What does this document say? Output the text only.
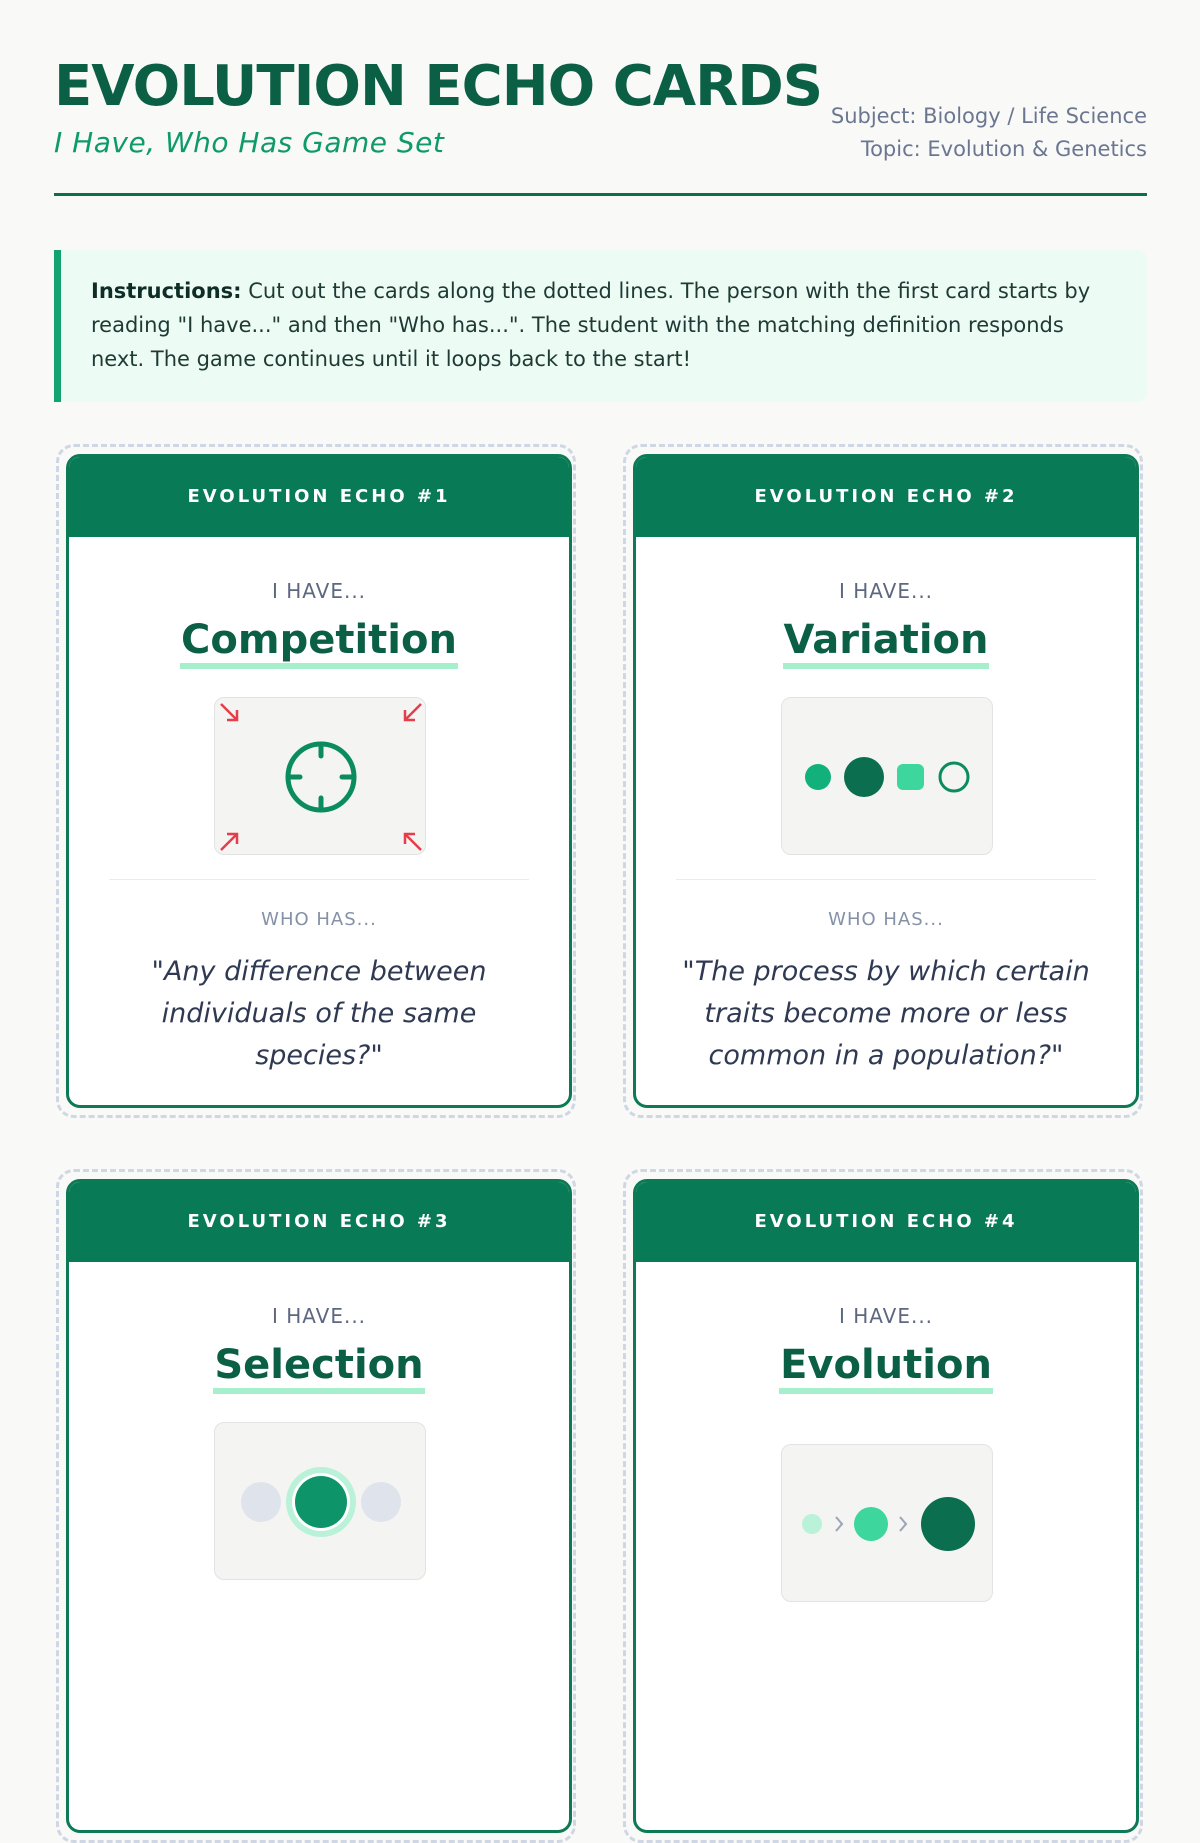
EVOLUTION ECHO CARDS
I Have, Who Has Game Set
Subject: Biology / Life Science
Topic: Evolution & Genetics
Instructions: Cut out the cards along the dotted lines. The person with the first card starts by reading "I have..." and then "Who has...". The student with the matching definition responds next. The game continues until it loops back to the start!
EVOLUTION ECHO #1
I HAVE...
Competition
WHO HAS...
"Any difference between individuals of the same species?"
EVOLUTION ECHO #2
I HAVE...
Variation
WHO HAS...
"The process by which certain traits become more or less common in a population?"
EVOLUTION ECHO #3
I HAVE...
Selection
EVOLUTION ECHO #4
I HAVE...
Evolution
